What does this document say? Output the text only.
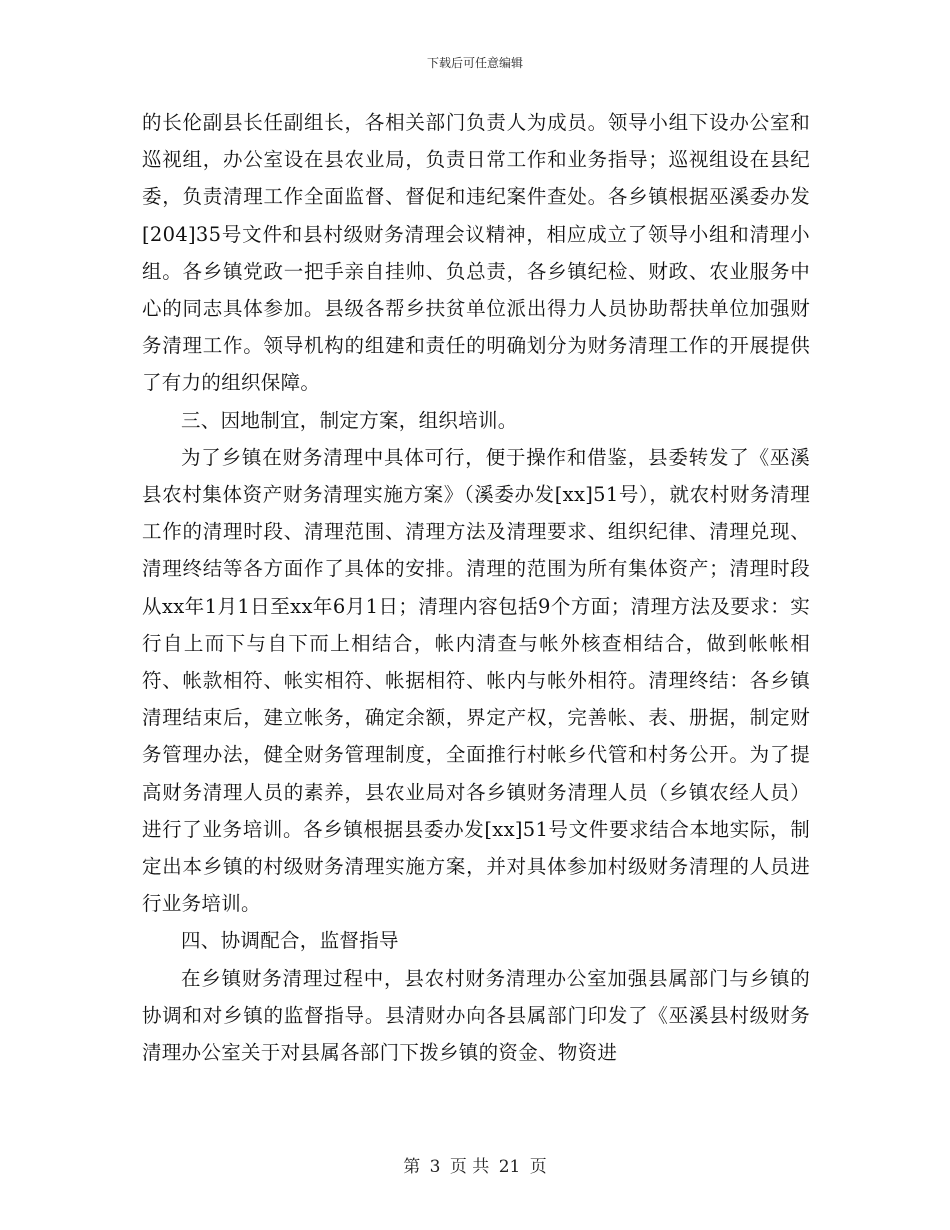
下载后可任意编辑

的长伦副县长任副组长，各相关部门负责人为成员。领导小组下设办公室和巡视组，办公室设在县农业局，负责日常工作和业务指导；巡视组设在县纪委，负责清理工作全面监督、督促和违纪案件查处。各乡镇根据巫溪委办发[204]35号文件和县村级财务清理会议精神，相应成立了领导小组和清理小组。各乡镇党政一把手亲自挂帅、负总责，各乡镇纪检、财政、农业服务中心的同志具体参加。县级各帮乡扶贫单位派出得力人员协助帮扶单位加强财务清理工作。领导机构的组建和责任的明确划分为财务清理工作的开展提供了有力的组织保障。

三、因地制宜，制定方案，组织培训。

为了乡镇在财务清理中具体可行，便于操作和借鉴，县委转发了《巫溪县农村集体资产财务清理实施方案》（溪委办发[xx]51号），就农村财务清理工作的清理时段、清理范围、清理方法及清理要求、组织纪律、清理兑现、清理终结等各方面作了具体的安排。清理的范围为所有集体资产；清理时段从xx年1月1日至xx年6月1日；清理内容包括9个方面；清理方法及要求：实行自上而下与自下而上相结合，帐内清查与帐外核查相结合，做到帐帐相符、帐款相符、帐实相符、帐据相符、帐内与帐外相符。清理终结：各乡镇清理结束后，建立帐务，确定余额，界定产权，完善帐、表、册据，制定财务管理办法，健全财务管理制度，全面推行村帐乡代管和村务公开。为了提高财务清理人员的素养，县农业局对各乡镇财务清理人员（乡镇农经人员）进行了业务培训。各乡镇根据县委办发[xx]51号文件要求结合本地实际，制定出本乡镇的村级财务清理实施方案，并对具体参加村级财务清理的人员进行业务培训。

四、协调配合，监督指导

在乡镇财务清理过程中，县农村财务清理办公室加强县属部门与乡镇的协调和对乡镇的监督指导。县清财办向各县属部门印发了《巫溪县村级财务清理办公室关于对县属各部门下拨乡镇的资金、物资进

第 3 页 共 21 页
